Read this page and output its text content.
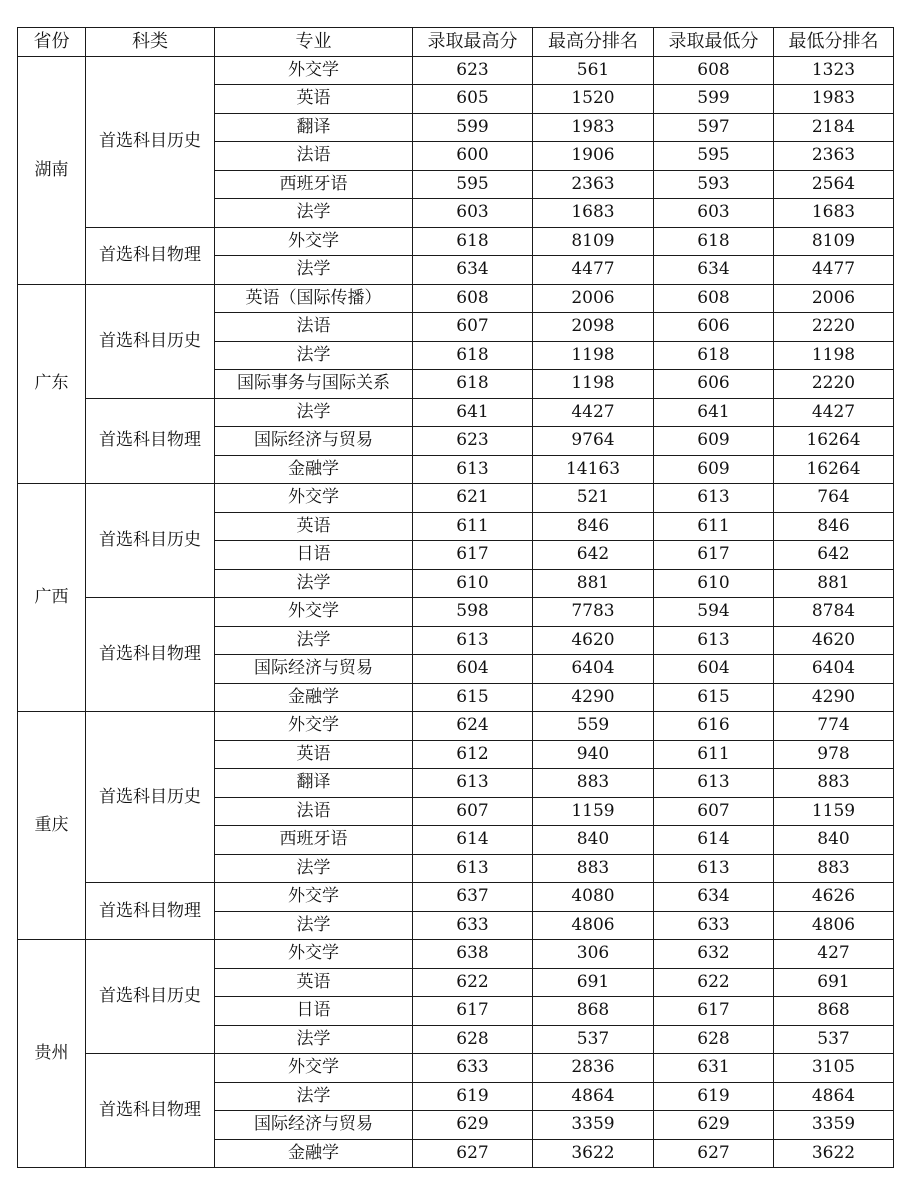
省份	科类	专业	录取最高分	最高分排名	录取最低分	最低分排名
湖南	首选科目历史	外交学	623	561	608	1323
		英语	605	1520	599	1983
		翻译	599	1983	597	2184
		法语	600	1906	595	2363
		西班牙语	595	2363	593	2564
		法学	603	1683	603	1683
	首选科目物理	外交学	618	8109	618	8109
		法学	634	4477	634	4477
广东	首选科目历史	英语（国际传播）	608	2006	608	2006
		法语	607	2098	606	2220
		法学	618	1198	618	1198
		国际事务与国际关系	618	1198	606	2220
	首选科目物理	法学	641	4427	641	4427
		国际经济与贸易	623	9764	609	16264
		金融学	613	14163	609	16264
广西	首选科目历史	外交学	621	521	613	764
		英语	611	846	611	846
		日语	617	642	617	642
		法学	610	881	610	881
	首选科目物理	外交学	598	7783	594	8784
		法学	613	4620	613	4620
		国际经济与贸易	604	6404	604	6404
		金融学	615	4290	615	4290
重庆	首选科目历史	外交学	624	559	616	774
		英语	612	940	611	978
		翻译	613	883	613	883
		法语	607	1159	607	1159
		西班牙语	614	840	614	840
		法学	613	883	613	883
	首选科目物理	外交学	637	4080	634	4626
		法学	633	4806	633	4806
贵州	首选科目历史	外交学	638	306	632	427
		英语	622	691	622	691
		日语	617	868	617	868
		法学	628	537	628	537
	首选科目物理	外交学	633	2836	631	3105
		法学	619	4864	619	4864
		国际经济与贸易	629	3359	629	3359
		金融学	627	3622	627	3622
